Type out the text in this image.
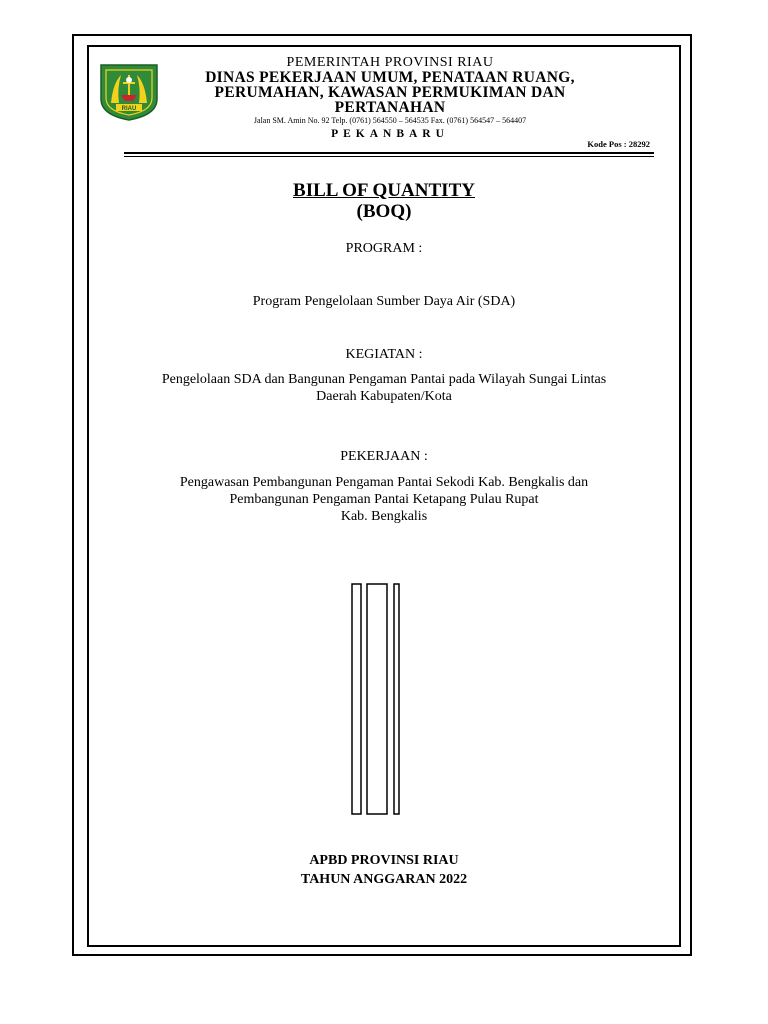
RIAU
PEMERINTAH PROVINSI RIAU
DINAS PEKERJAAN UMUM, PENATAAN RUANG,
PERUMAHAN, KAWASAN PERMUKIMAN DAN
PERTANAHAN
Jalan SM. Amin No. 92 Telp. (0761) 564550 – 564535 Fax. (0761) 564547 – 564407
PEKANBARU
Kode Pos : 28292
BILL OF QUANTITY
(BOQ)
PROGRAM :
Program Pengelolaan Sumber Daya Air (SDA)
KEGIATAN :
Pengelolaan SDA dan Bangunan Pengaman Pantai pada Wilayah Sungai Lintas
Daerah Kabupaten/Kota
PEKERJAAN :
Pengawasan Pembangunan Pengaman Pantai Sekodi Kab. Bengkalis dan
Pembangunan Pengaman Pantai Ketapang Pulau Rupat
Kab. Bengkalis
APBD PROVINSI RIAU
TAHUN ANGGARAN 2022
